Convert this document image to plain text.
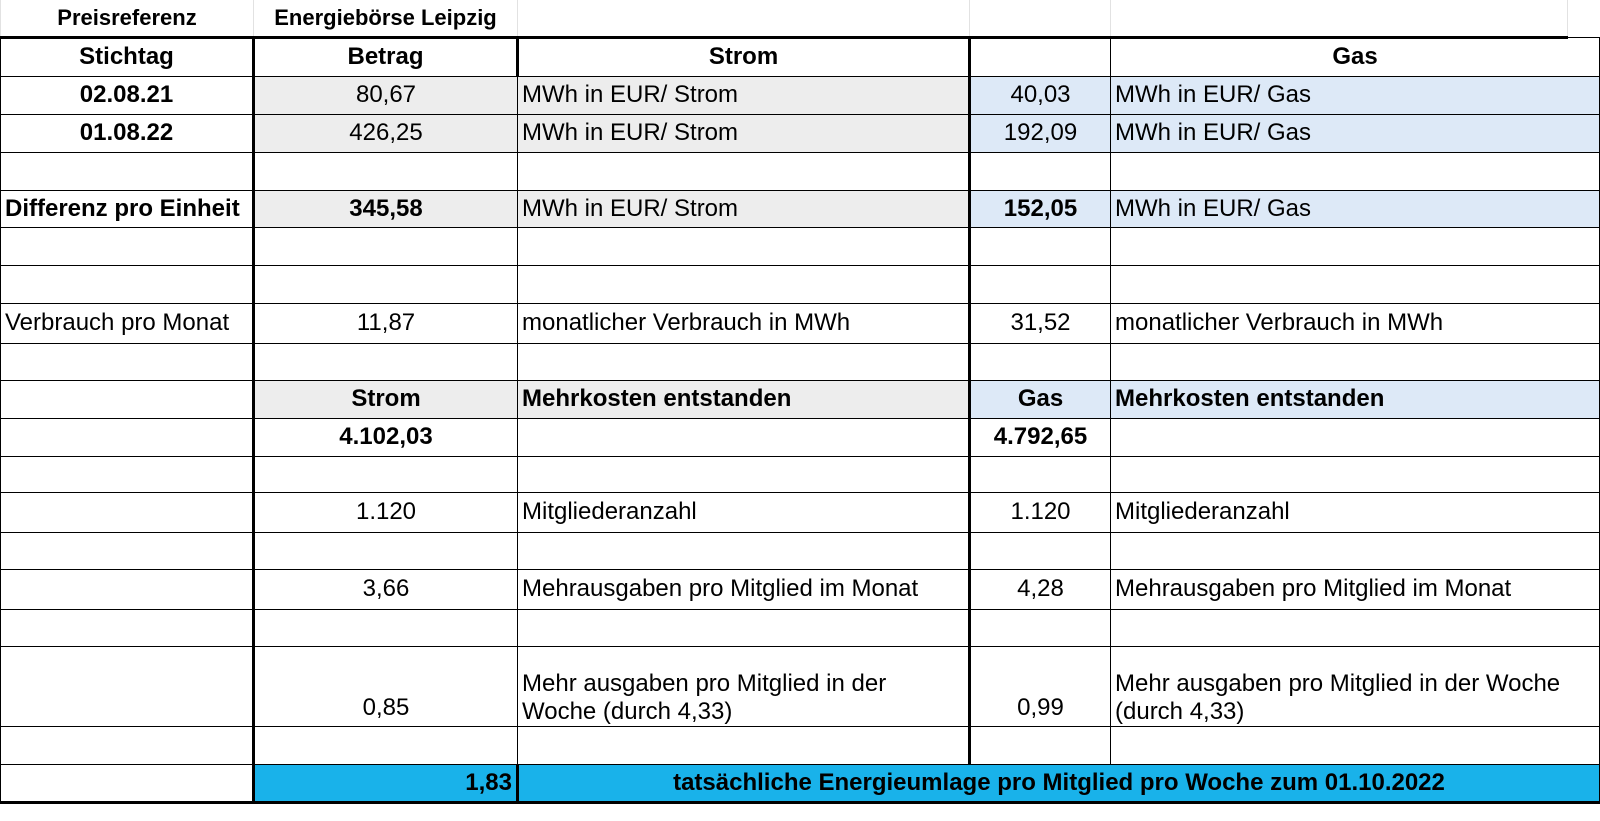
Preisreferenz	Energiebörse Leipzig				
Stichtag	Betrag	Strom		Gas	
02.08.21	80,67	MWh in EUR/ Strom	40,03	MWh in EUR/ Gas	
01.08.22	426,25	MWh in EUR/ Strom	192,09	MWh in EUR/ Gas	

Differenz pro Einheit	345,58	MWh in EUR/ Strom	152,05	MWh in EUR/ Gas	

Verbrauch pro Monat	11,87	monatlicher Verbrauch in MWh	31,52	monatlicher Verbrauch in MWh	

	Strom	Mehrkosten entstanden	Gas	Mehrkosten entstanden	
	4.102,03		4.792,65		

	1.120	Mitgliederanzahl	1.120	Mitgliederanzahl	

	3,66	Mehrausgaben pro Mitglied im Monat	4,28	Mehrausgaben pro Mitglied im Monat	

	0,85	Mehr ausgaben pro Mitglied in der Woche (durch 4,33)	0,99	Mehr ausgaben pro Mitglied in der Woche (durch 4,33)	

	1,83	tatsächliche Energieumlage pro Mitglied pro Woche zum 01.10.2022			
